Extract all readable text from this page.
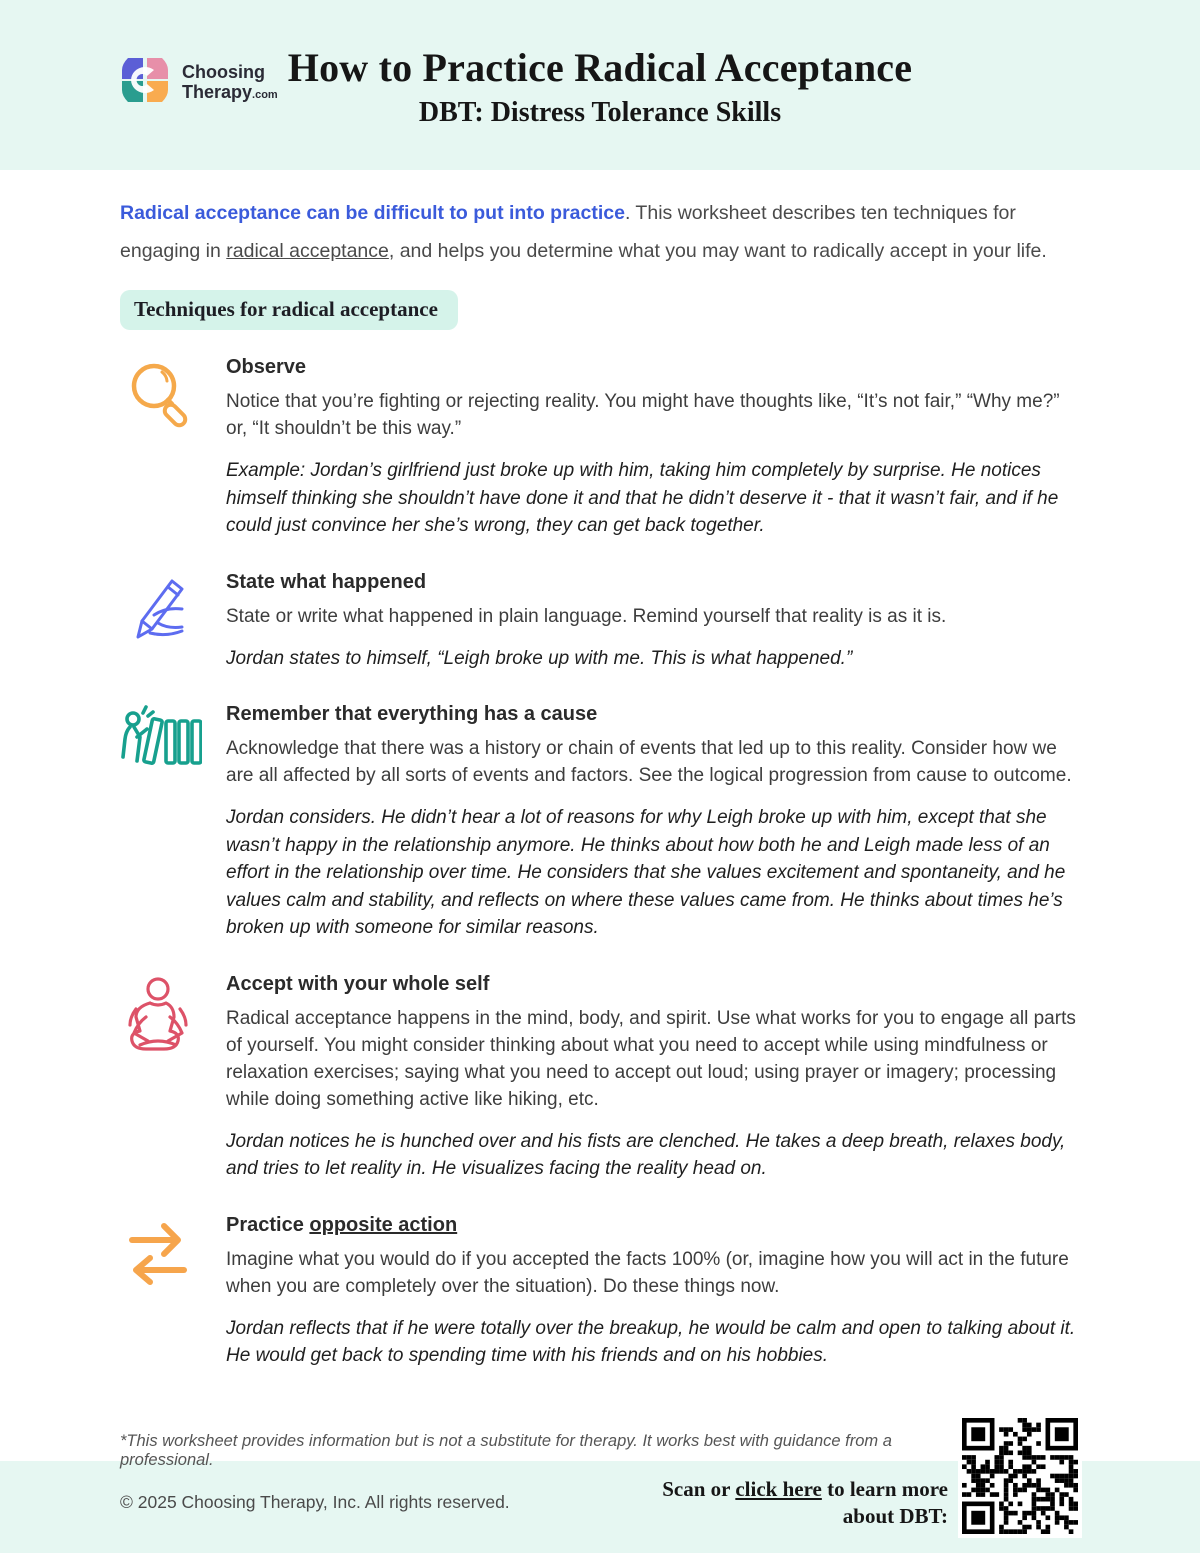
Choosing
Therapy.com
How to Practice Radical Acceptance
DBT: Distress Tolerance Skills

Radical acceptance can be difficult to put into practice. This worksheet describes ten techniques for engaging in radical acceptance, and helps you determine what you may want to radically accept in your life.

Techniques for radical acceptance
Observe

Notice that you’re fighting or rejecting reality. You might have thoughts like, “It’s not fair,” “Why me?” or, “It shouldn’t be this way.”

Example: Jordan’s girlfriend just broke up with him, taking him completely by surprise. He notices himself thinking she shouldn’t have done it and that he didn’t deserve it - that it wasn’t fair, and if he could just convince her she’s wrong, they can get back together.

State what happened

State or write what happened in plain language. Remind yourself that reality is as it is.

Jordan states to himself, “Leigh broke up with me. This is what happened.”

Remember that everything has a cause

Acknowledge that there was a history or chain of events that led up to this reality. Consider how we are all affected by all sorts of events and factors. See the logical progression from cause to outcome.

Jordan considers. He didn’t hear a lot of reasons for why Leigh broke up with him, except that she wasn’t happy in the relationship anymore. He thinks about how both he and Leigh made less of an effort in the relationship over time. He considers that she values excitement and spontaneity, and he values calm and stability, and reflects on where these values came from. He thinks about times he’s broken up with someone for similar reasons.

Accept with your whole self

Radical acceptance happens in the mind, body, and spirit. Use what works for you to engage all parts of yourself. You might consider thinking about what you need to accept while using mindfulness or relaxation exercises; saying what you need to accept out loud; using prayer or imagery; processing while doing something active like hiking, etc.

Jordan notices he is hunched over and his fists are clenched. He takes a deep breath, relaxes body, and tries to let reality in. He visualizes facing the reality head on.

Practice opposite action

Imagine what you would do if you accepted the facts 100% (or, imagine how you will act in the future when you are completely over the situation). Do these things now.

Jordan reflects that if he were totally over the breakup, he would be calm and open to talking about it. He would get back to spending time with his friends and on his hobbies.

*This worksheet provides information but is not a substitute for therapy. It works best with guidance from a professional.

© 2025 Choosing Therapy, Inc. All rights reserved.

Scan or click here to learn more about DBT:
